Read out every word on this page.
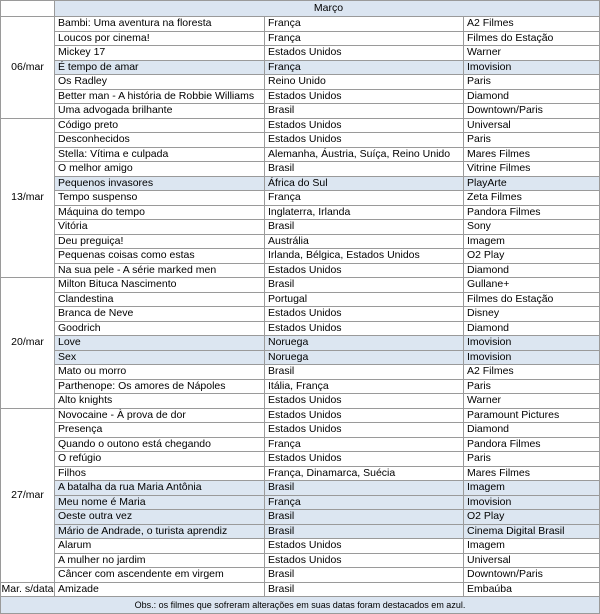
	Março		
06/mar	Bambi: Uma aventura na floresta	França	A2 Filmes
	Loucos por cinema!	França	Filmes do Estação
	Mickey 17	Estados Unidos	Warner
	É tempo de amar	França	Imovision
	Os Radley	Reino Unido	Paris
	Better man - A história de Robbie Williams	Estados Unidos	Diamond
	Uma advogada brilhante	Brasil	Downtown/Paris
13/mar	Código preto	Estados Unidos	Universal
	Desconhecidos	Estados Unidos	Paris
	Stella: Vítima e culpada	Alemanha, Áustria, Suíça, Reino Unido	Mares Filmes
	O melhor amigo	Brasil	Vitrine Filmes
	Pequenos invasores	África do Sul	PlayArte
	Tempo suspenso	França	Zeta Filmes
	Máquina do tempo	Inglaterra, Irlanda	Pandora Filmes
	Vitória	Brasil	Sony
	Deu preguiça!	Austrália	Imagem
	Pequenas coisas como estas	Irlanda, Bélgica, Estados Unidos	O2 Play
	Na sua pele - A série marked men	Estados Unidos	Diamond
20/mar	Milton Bituca Nascimento	Brasil	Gullane+
	Clandestina	Portugal	Filmes do Estação
	Branca de Neve	Estados Unidos	Disney
	Goodrich	Estados Unidos	Diamond
	Love	Noruega	Imovision
	Sex	Noruega	Imovision
	Mato ou morro	Brasil	A2 Filmes
	Parthenope: Os amores de Nápoles	Itália, França	Paris
	Alto knights	Estados Unidos	Warner
27/mar	Novocaine - À prova de dor	Estados Unidos	Paramount Pictures
	Presença	Estados Unidos	Diamond
	Quando o outono está chegando	França	Pandora Filmes
	O refúgio	Estados Unidos	Paris
	Filhos	França, Dinamarca, Suécia	Mares Filmes
	A batalha da rua Maria Antônia	Brasil	Imagem
	Meu nome é Maria	França	Imovision
	Oeste outra vez	Brasil	O2 Play
	Mário de Andrade, o turista aprendiz	Brasil	Cinema Digital Brasil
	Alarum	Estados Unidos	Imagem
	A mulher no jardim	Estados Unidos	Universal
	Câncer com ascendente em virgem	Brasil	Downtown/Paris
Mar. s/data	Amizade	Brasil	Embaúba
Obs.: os filmes que sofreram alterações em suas datas foram destacados em azul.			
